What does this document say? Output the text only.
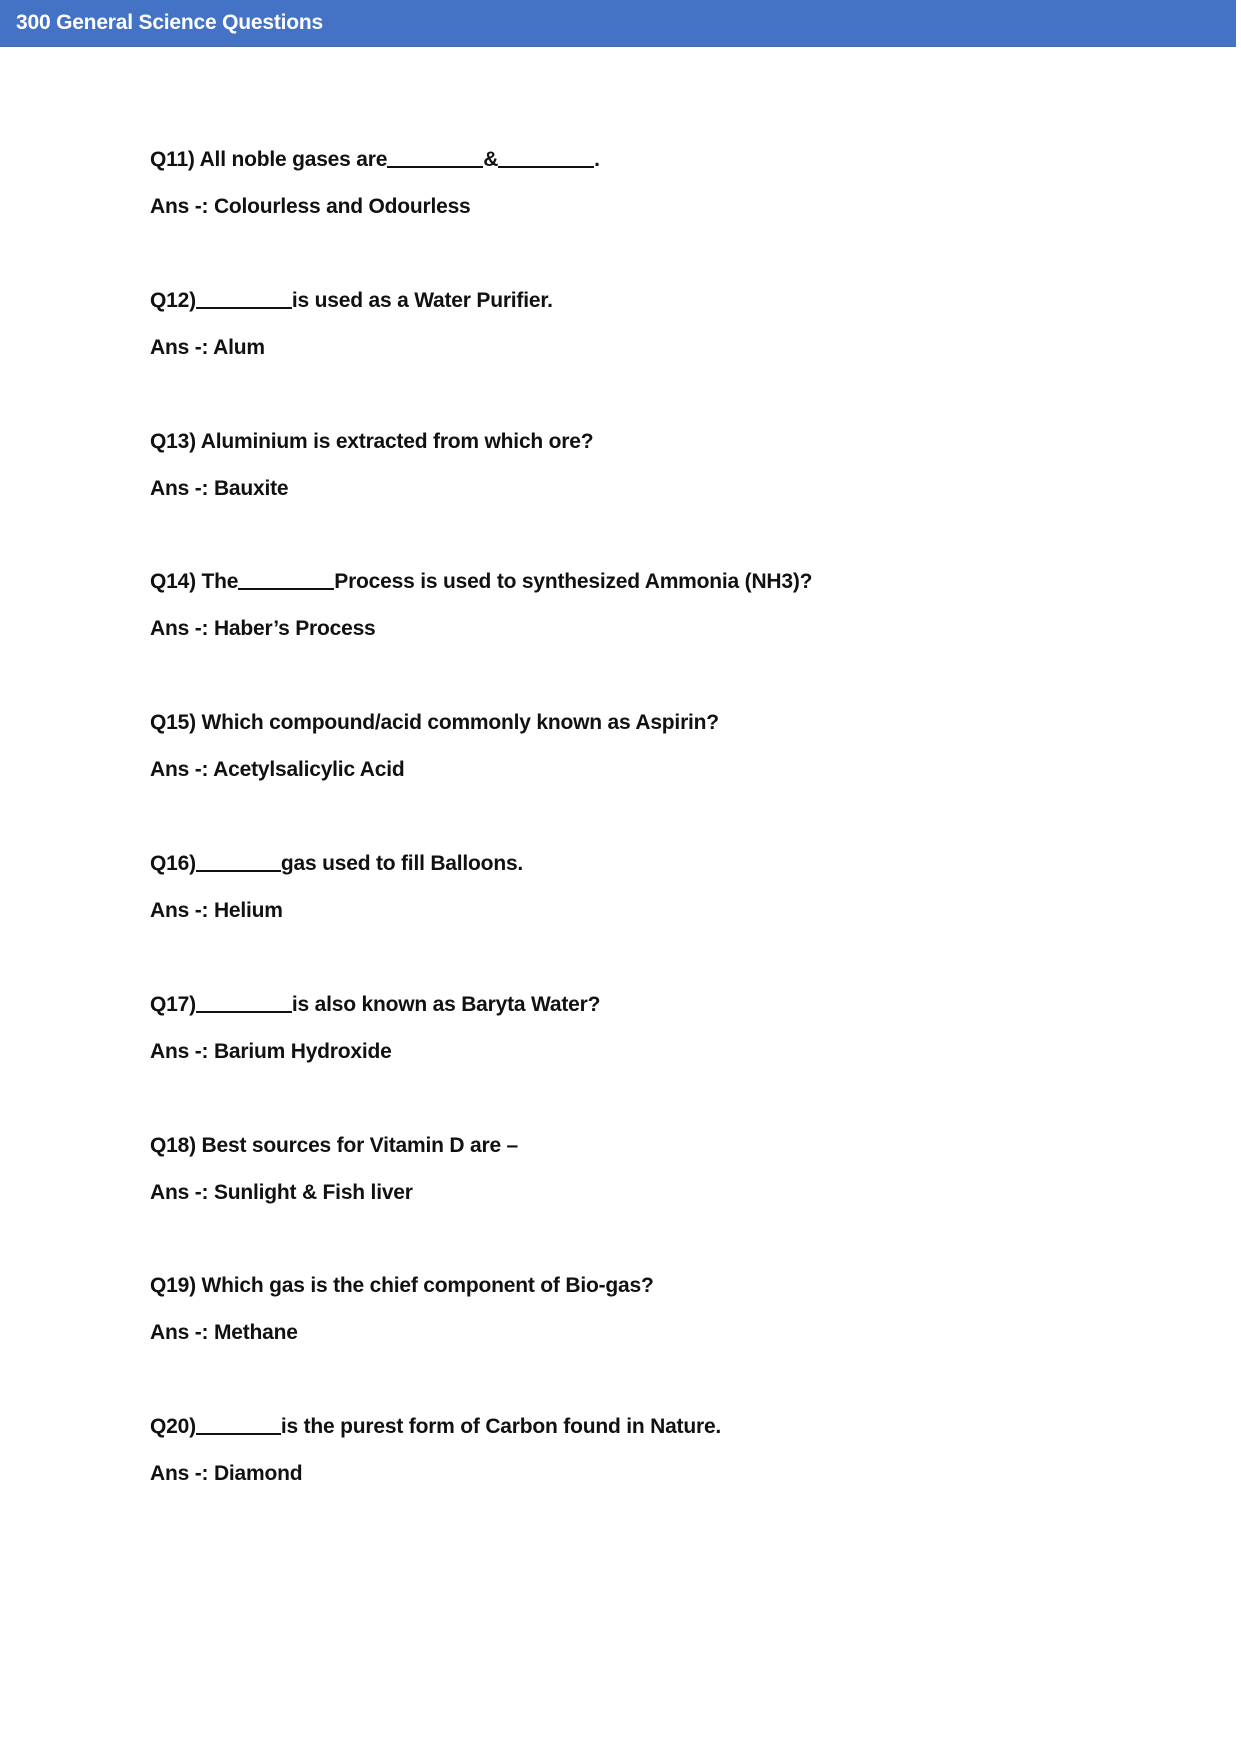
300 General Science Questions
Q11) All noble gases are	&	.
Ans -: Colourless and Odourless
Q12)	is used as a Water Purifier.
Ans -: Alum
Q13) Aluminium is extracted from which ore?
Ans -: Bauxite
Q14) The	Process is used to synthesized Ammonia (NH3)?
Ans -: Haber’s Process
Q15) Which compound/acid commonly known as Aspirin?
Ans -: Acetylsalicylic Acid
Q16)	gas used to fill Balloons.
Ans -: Helium
Q17)	is also known as Baryta Water?
Ans -: Barium Hydroxide
Q18) Best sources for Vitamin D are –
Ans -: Sunlight & Fish liver
Q19) Which gas is the chief component of Bio-gas?
Ans -: Methane
Q20)	is the purest form of Carbon found in Nature.
Ans -: Diamond
